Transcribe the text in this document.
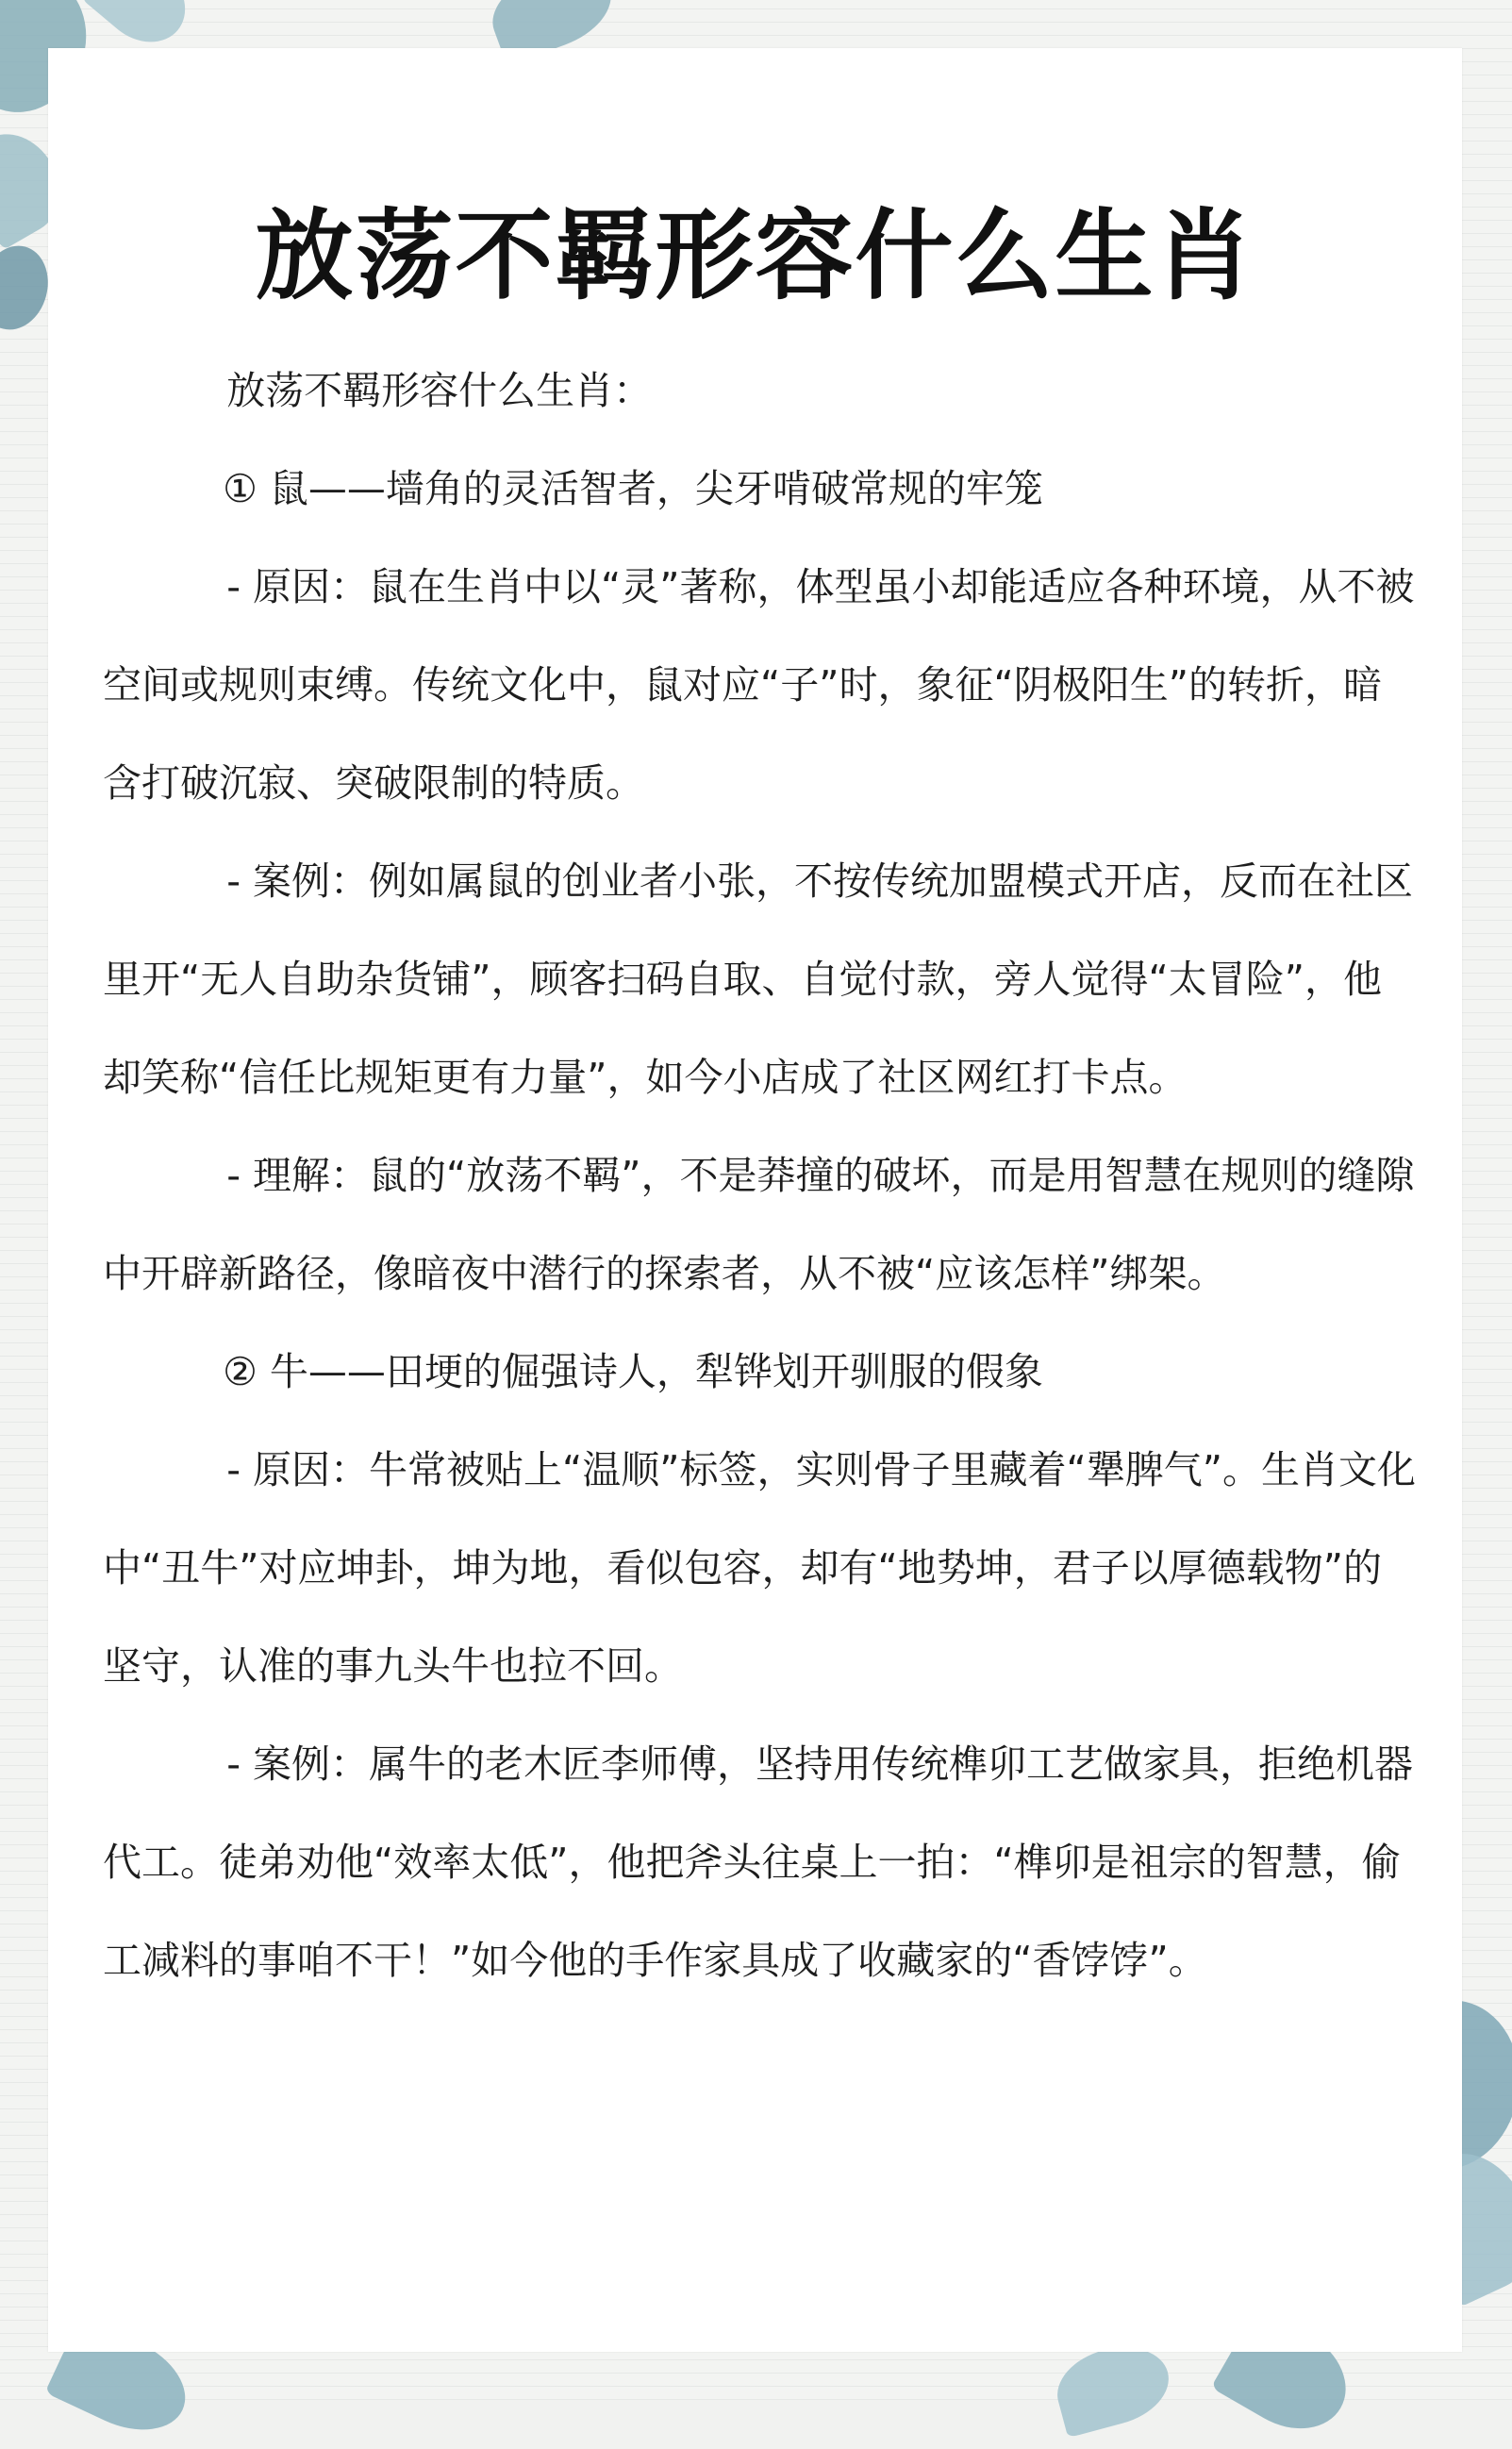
放荡不羁形容什么生肖

放荡不羁形容什么生肖：

① 鼠——墙角的灵活智者，尖牙啃破常规的牢笼

- 原因：鼠在生肖中以“灵”著称，体型虽小却能适应各种环境，从不被空间或规则束缚。传统文化中，鼠对应“子”时，象征“阴极阳生”的转折，暗含打破沉寂、突破限制的特质。

- 案例：例如属鼠的创业者小张，不按传统加盟模式开店，反而在社区里开“无人自助杂货铺”，顾客扫码自取、自觉付款，旁人觉得“太冒险”，他却笑称“信任比规矩更有力量”，如今小店成了社区网红打卡点。

- 理解：鼠的“放荡不羁”，不是莽撞的破坏，而是用智慧在规则的缝隙中开辟新路径，像暗夜中潜行的探索者，从不被“应该怎样”绑架。

② 牛——田埂的倔强诗人，犁铧划开驯服的假象

- 原因：牛常被贴上“温顺”标签，实则骨子里藏着“犟脾气”。生肖文化中“丑牛”对应坤卦，坤为地，看似包容，却有“地势坤，君子以厚德载物”的坚守，认准的事九头牛也拉不回。

- 案例：属牛的老木匠李师傅，坚持用传统榫卯工艺做家具，拒绝机器代工。徒弟劝他“效率太低”，他把斧头往桌上一拍：“榫卯是祖宗的智慧，偷工减料的事咱不干！”如今他的手作家具成了收藏家的“香饽饽”。
